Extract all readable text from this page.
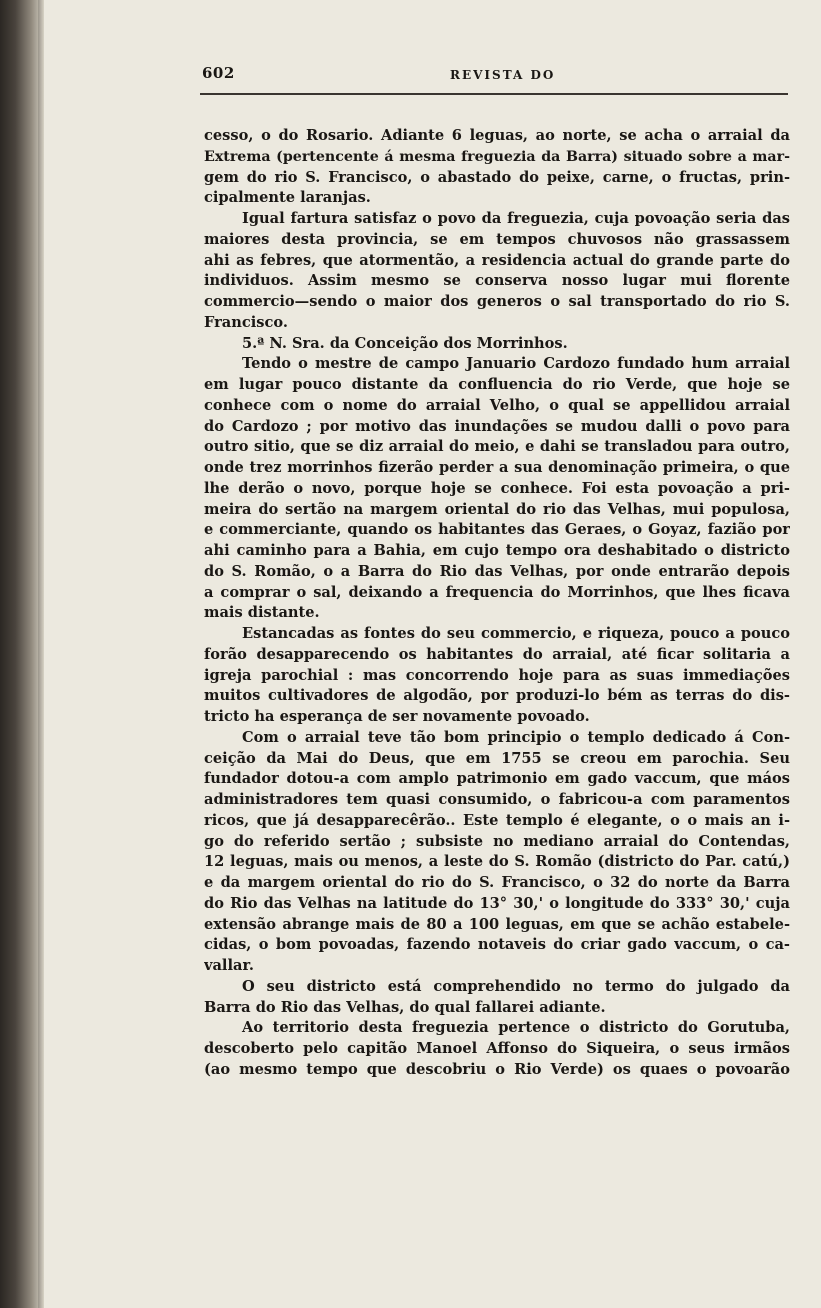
602	REVISTA DO
cesso, o do Rosario. Adiante 6 leguas, ao norte, se acha o arraial da
Extrema (pertencente á mesma freguezia da Barra) situado sobre a mar-
gem do rio S. Francisco, o abastado do peixe, carne, o fructas, prin-
cipalmente laranjas.
Igual fartura satisfaz o povo da freguezia, cuja povoação seria das
maiores desta provincia, se em tempos chuvosos não grassassem
ahi as febres, que atormentão, a residencia actual do grande parte do
individuos. Assim mesmo se conserva nosso lugar mui florente
commercio—sendo o maior dos generos o sal transportado do rio S.
Francisco.
5.ª N. Sra. da Conceição dos Morrinhos.
Tendo o mestre de campo Januario Cardozo fundado hum arraial
em lugar pouco distante da confluencia do rio Verde, que hoje se
conhece com o nome do arraial Velho, o qual se appellidou arraial
do Cardozo ; por motivo das inundações se mudou dalli o povo para
outro sitio, que se diz arraial do meio, e dahi se transladou para outro,
onde trez morrinhos fizerão perder a sua denominação primeira, o que
lhe derão o novo, porque hoje se conhece. Foi esta povoação a pri-
meira do sertão na margem oriental do rio das Velhas, mui populosa,
e commerciante, quando os habitantes das Geraes, o Goyaz, fazião por
ahi caminho para a Bahia, em cujo tempo ora deshabitado o districto
do S. Romão, o a Barra do Rio das Velhas, por onde entrarão depois
a comprar o sal, deixando a frequencia do Morrinhos, que lhes ficava
mais distante.
Estancadas as fontes do seu commercio, e riqueza, pouco a pouco
forão desapparecendo os habitantes do arraial, até ficar solitaria a
igreja parochial : mas concorrendo hoje para as suas immediações
muitos cultivadores de algodão, por produzi-lo bém as terras do dis-
tricto ha esperança de ser novamente povoado.
Com o arraial teve tão bom principio o templo dedicado á Con-
ceição da Mai do Deus, que em 1755 se creou em parochia. Seu
fundador dotou-a com amplo patrimonio em gado vaccum, que máos
administradores tem quasi consumido, o fabricou-a com paramentos
ricos, que já desapparecêrão.. Este templo é elegante, o o mais an i-
go do referido sertão ; subsiste no mediano arraial do Contendas,
12 leguas, mais ou menos, a leste do S. Romão (districto do Par. catú,)
e da margem oriental do rio do S. Francisco, o 32 do norte da Barra
do Rio das Velhas na latitude do 13° 30,' o longitude do 333° 30,' cuja
extensão abrange mais de 80 a 100 leguas, em que se achão estabele-
cidas, o bom povoadas, fazendo notaveis do criar gado vaccum, o ca-
vallar.
O seu districto está comprehendido no termo do julgado da
Barra do Rio das Velhas, do qual fallarei adiante.
Ao territorio desta freguezia pertence o districto do Gorutuba,
descoberto pelo capitão Manoel Affonso do Siqueira, o seus irmãos
(ao mesmo tempo que descobriu o Rio Verde) os quaes o povoarão
